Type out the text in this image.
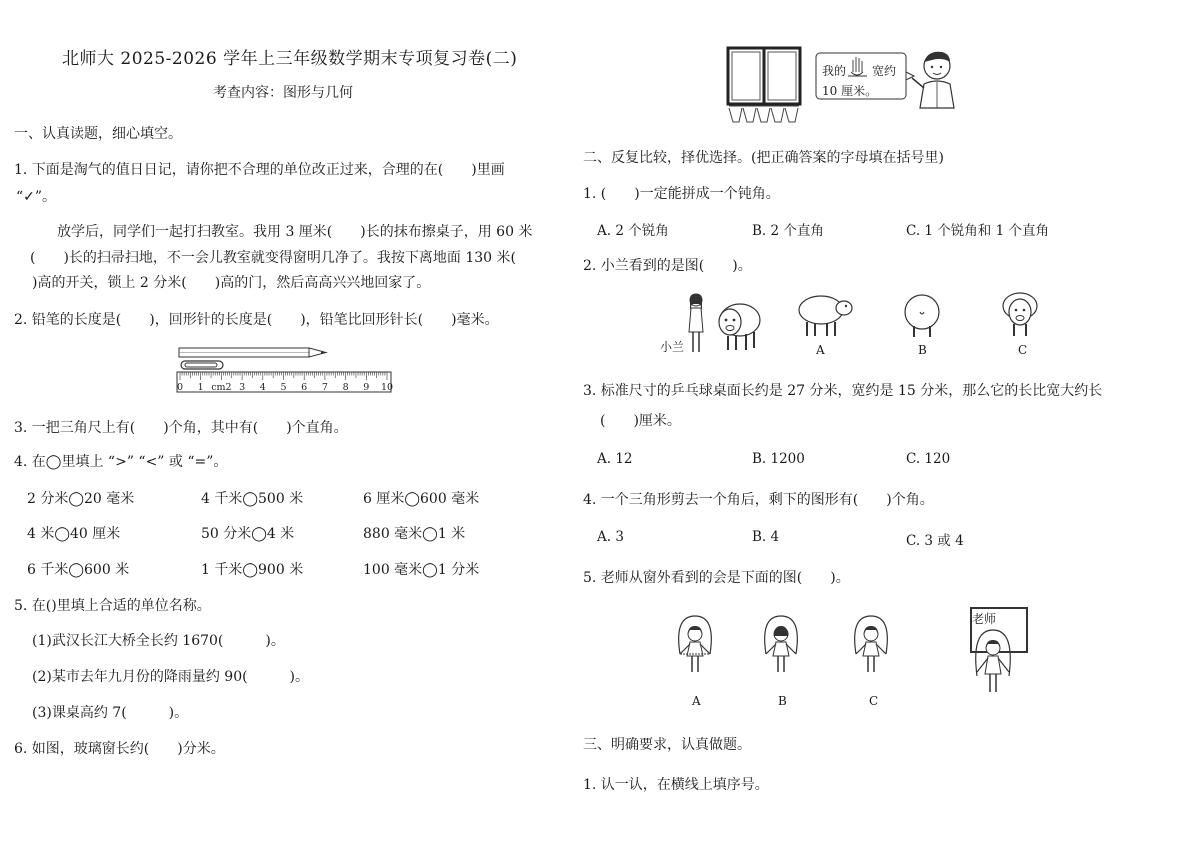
北师大 2025-2026 学年上三年级数学期末专项复习卷(二)
考查内容：图形与几何
一、认真读题，细心填空。
1. 下面是淘气的值日日记，请你把不合理的单位改正过来，合理的在(　　)里画
“✓”。
放学后，同学们一起打扫教室。我用 3 厘米(　　)长的抹布擦桌子，用 60 米
(　　)长的扫帚扫地，不一会儿教室就变得窗明几净了。我按下离地面 130 米(
)高的开关，锁上 2 分米(　　)高的门，然后高高兴兴地回家了。
2. 铅笔的长度是(　　)，回形针的长度是(　　)，铅笔比回形针长(　　)毫米。
0 1 cm2 3 4 5 6 7 8 9 10
3. 一把三角尺上有(　　)个角，其中有(　　)个直角。
4. 在◯里填上 “>” “<” 或 “=”。
2 分米◯20 毫米	4 千米◯500 米	6 厘米◯600 毫米
4 米◯40 厘米	50 分米◯4 米	880 毫米◯1 米
6 千米◯600 米	1 千米◯900 米	100 毫米◯1 分米
5. 在()里填上合适的单位名称。
(1)武汉长江大桥全长约 1670(　　　)。
(2)某市去年九月份的降雨量约 90(　　　)。
(3)课桌高约 7(　　　)。
6. 如图，玻璃窗长约(　　)分米。
我的 宽约
10 厘米。
二、反复比较，择优选择。(把正确答案的字母填在括号里)
1. (　　)一定能拼成一个钝角。
A. 2 个锐角	B. 2 个直角	C. 1 个锐角和 1 个直角
2. 小兰看到的是图(　　)。
小兰	A	B	C
3. 标准尺寸的乒乓球桌面长约是 27 分米，宽约是 15 分米，那么它的长比宽大约长
(　　)厘米。
A. 12	B. 1200	C. 120
4. 一个三角形剪去一个角后，剩下的图形有(　　)个角。
A. 3	B. 4	C. 3 或 4
5. 老师从窗外看到的会是下面的图(　　)。
A	B	C
老师
三、明确要求，认真做题。
1. 认一认，在横线上填序号。
